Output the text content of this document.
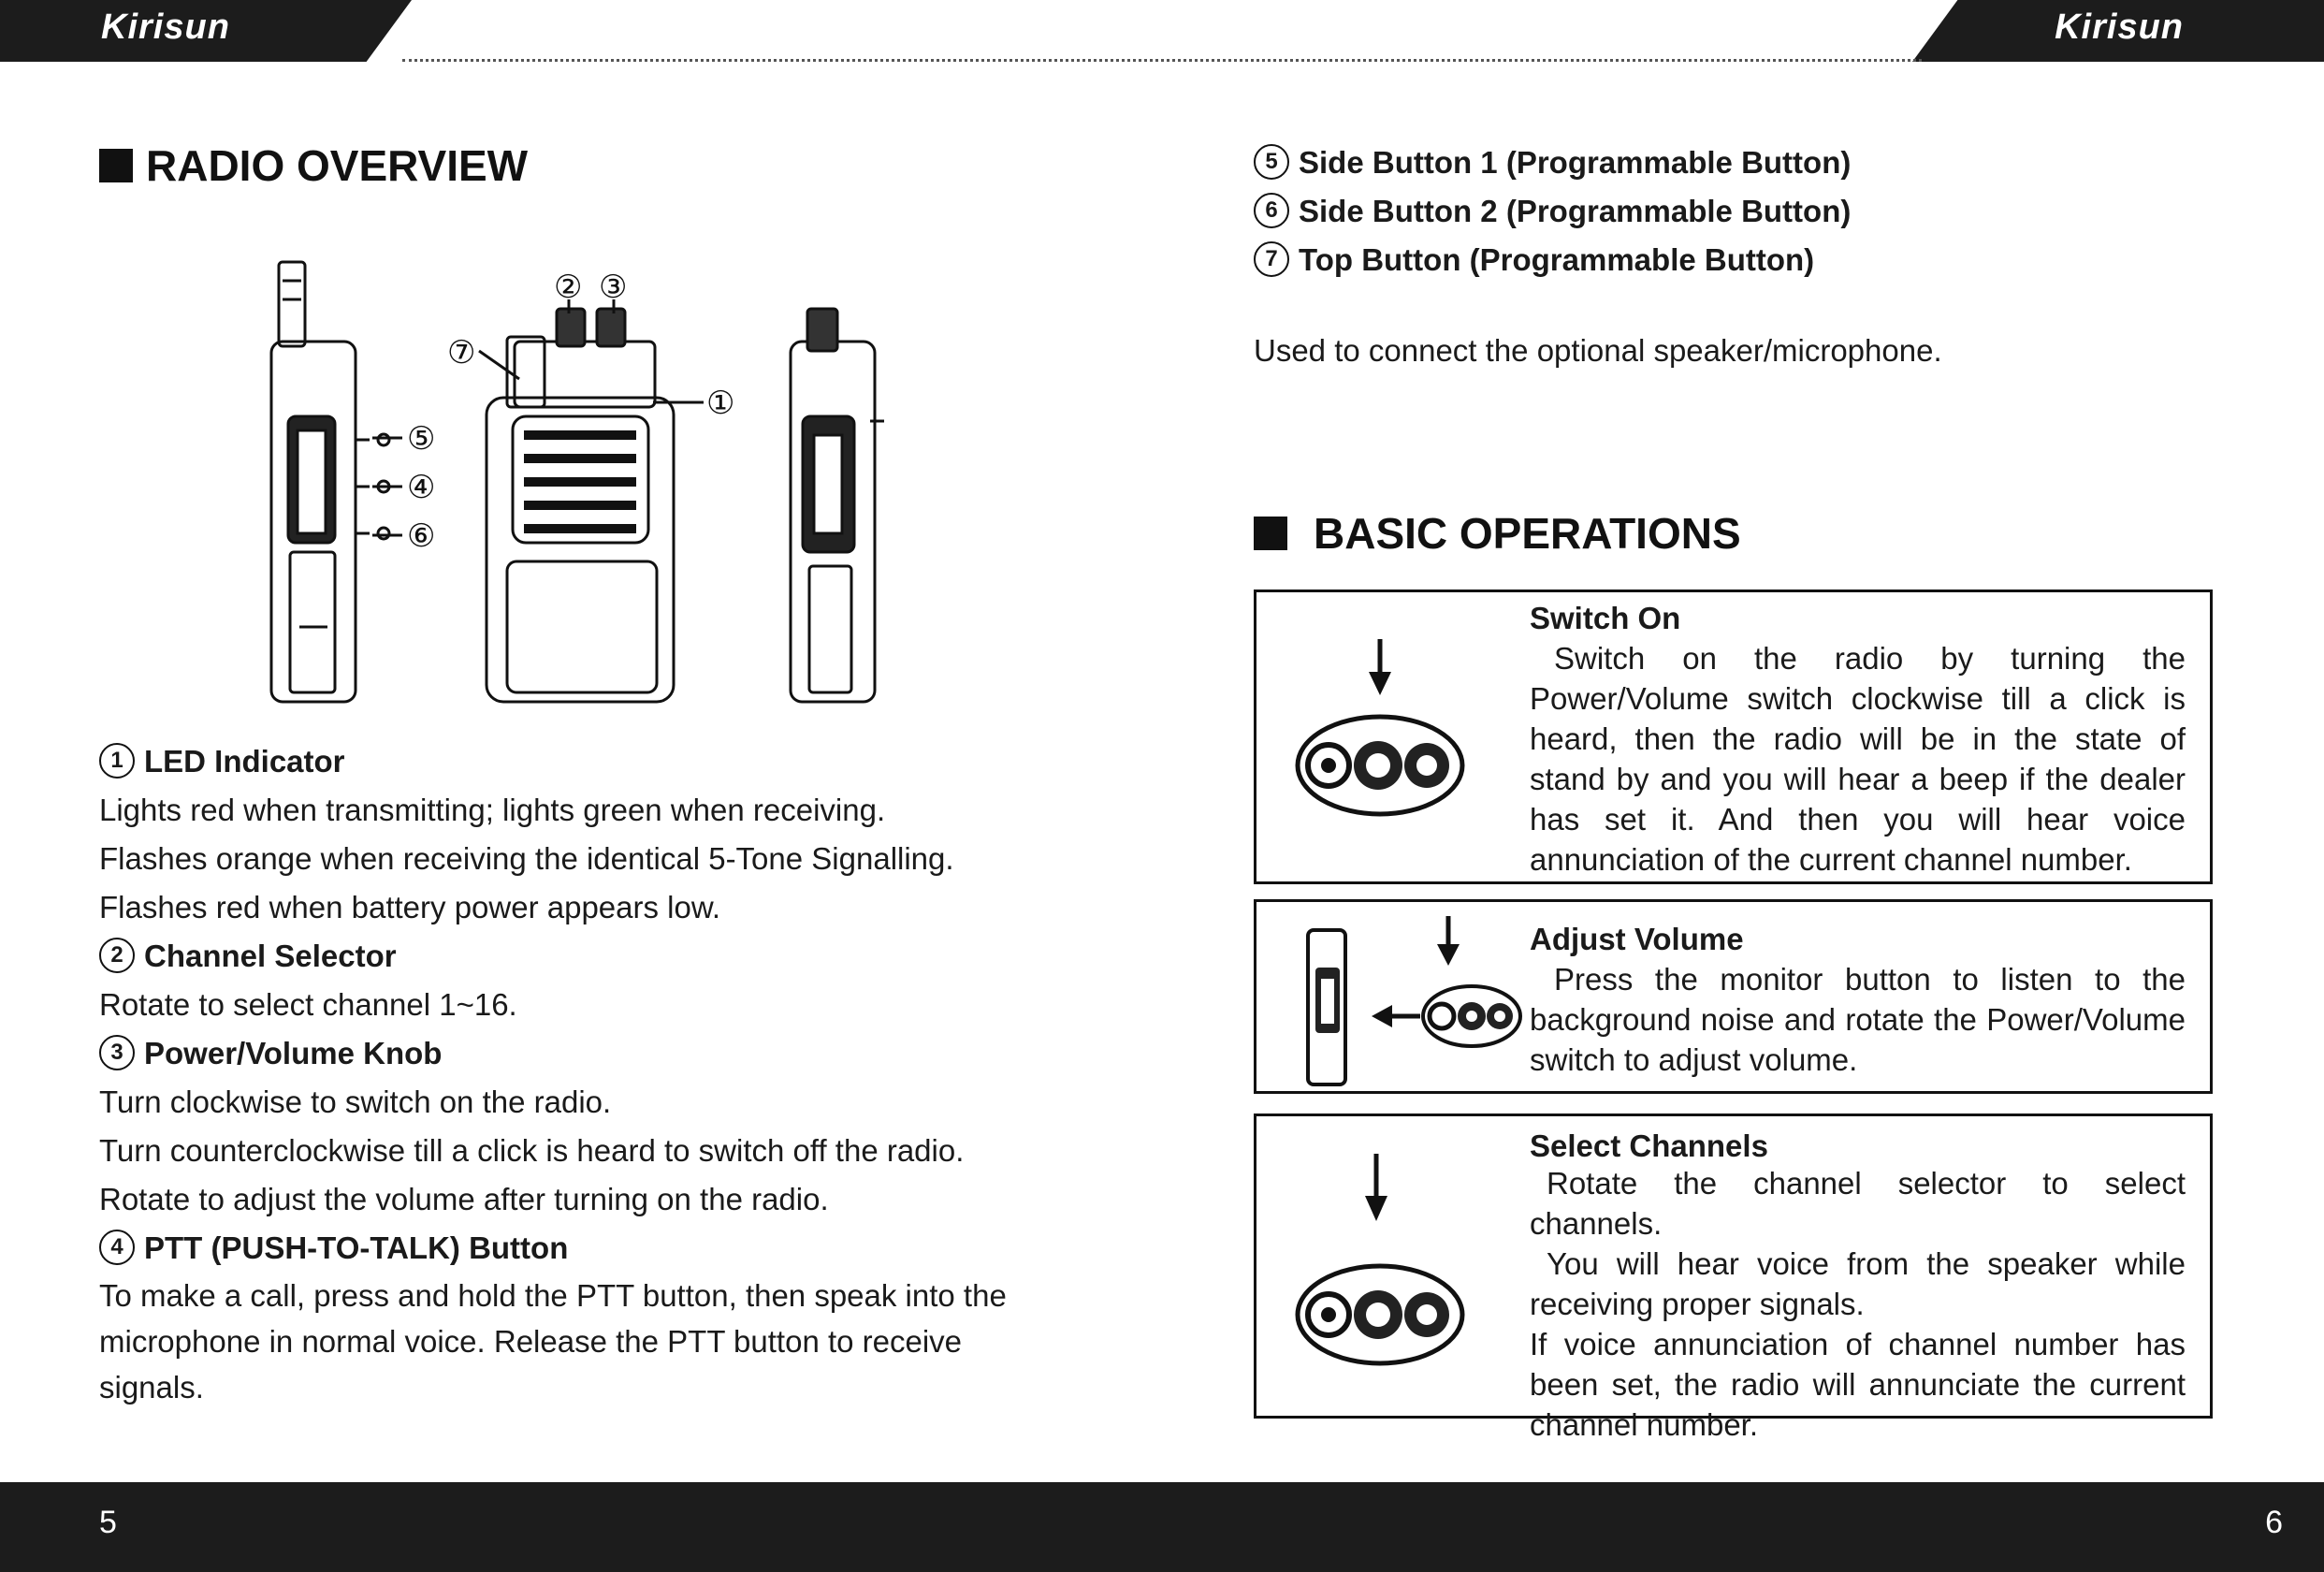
Kirisun	Kirisun
RADIO OVERVIEW
② ③
⑦
①
⑤
④
⑥
1 LED Indicator
Lights red when transmitting; lights green when receiving.
Flashes orange when receiving the identical 5-Tone Signalling.
Flashes red when battery power appears low.
2 Channel Selector
Rotate to select channel 1~16.
3 Power/Volume Knob
Turn clockwise to switch on the radio.
Turn counterclockwise till a click is heard to switch off the radio.
Rotate to adjust the volume after turning on the radio.
4 PTT (PUSH-TO-TALK) Button
To make a call, press and hold the PTT button, then speak into the
microphone in normal voice. Release the PTT button to receive
signals.
5 Side Button 1 (Programmable Button)
6 Side Button 2 (Programmable Button)
7 Top Button (Programmable Button)
Used to connect the optional speaker/microphone.
BASIC OPERATIONS
Switch On
Switch on the radio by turning the Power/Volume switch clockwise till a click is heard, then the radio will be in the state of stand by and you will hear a beep if the dealer has set it. And then you will hear voice annunciation of the current channel number.
Adjust Volume
Press the monitor button to listen to the background noise and rotate the Power/Volume switch to adjust volume.
Select Channels
Rotate the channel selector to select channels.
You will hear voice from the speaker while receiving proper signals.
If voice annunciation of channel number has been set, the radio will annunciate the current channel number.
5	6
